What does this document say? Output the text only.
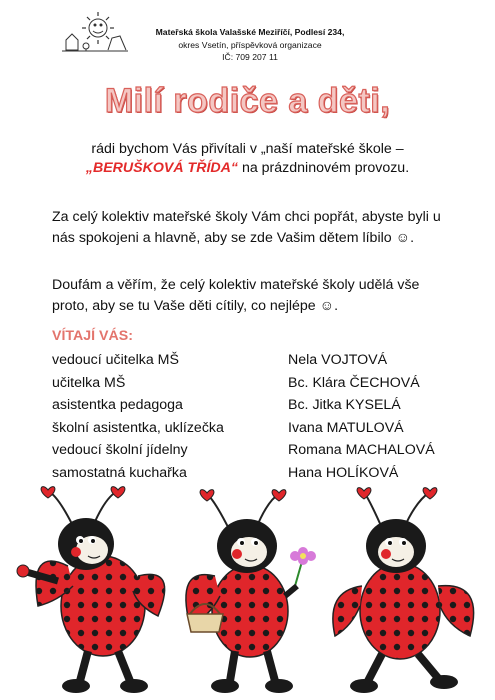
Mateřská škola Valašské Meziříčí, Podlesí 234,
okres Vsetín, příspěvková organizace
IČ: 709 207 11
Milí rodiče a děti,
rádi bychom Vás přivítali v „naší mateřské škole –
„BERUŠKOVÁ TŘÍDA“ na prázdninovém provozu.
Za celý kolektiv mateřské školy Vám chci popřát, abyste byli u nás spokojeni a hlavně, aby se zde Vašim dětem líbilo ☺.
Doufám a věřím, že celý kolektiv mateřské školy udělá vše proto, aby se tu Vaše děti cítily, co nejlépe ☺.
VÍTAJÍ VÁS:
vedoucí učitelka MŠ	Nela VOJTOVÁ
učitelka MŠ	Bc. Klára ČECHOVÁ
asistentka pedagoga	Bc. Jitka KYSELÁ
školní asistentka, uklízečka	Ivana MATULOVÁ
vedoucí školní jídelny	Romana MACHALOVÁ
samostatná kuchařka	Hana HOLÍKOVÁ
